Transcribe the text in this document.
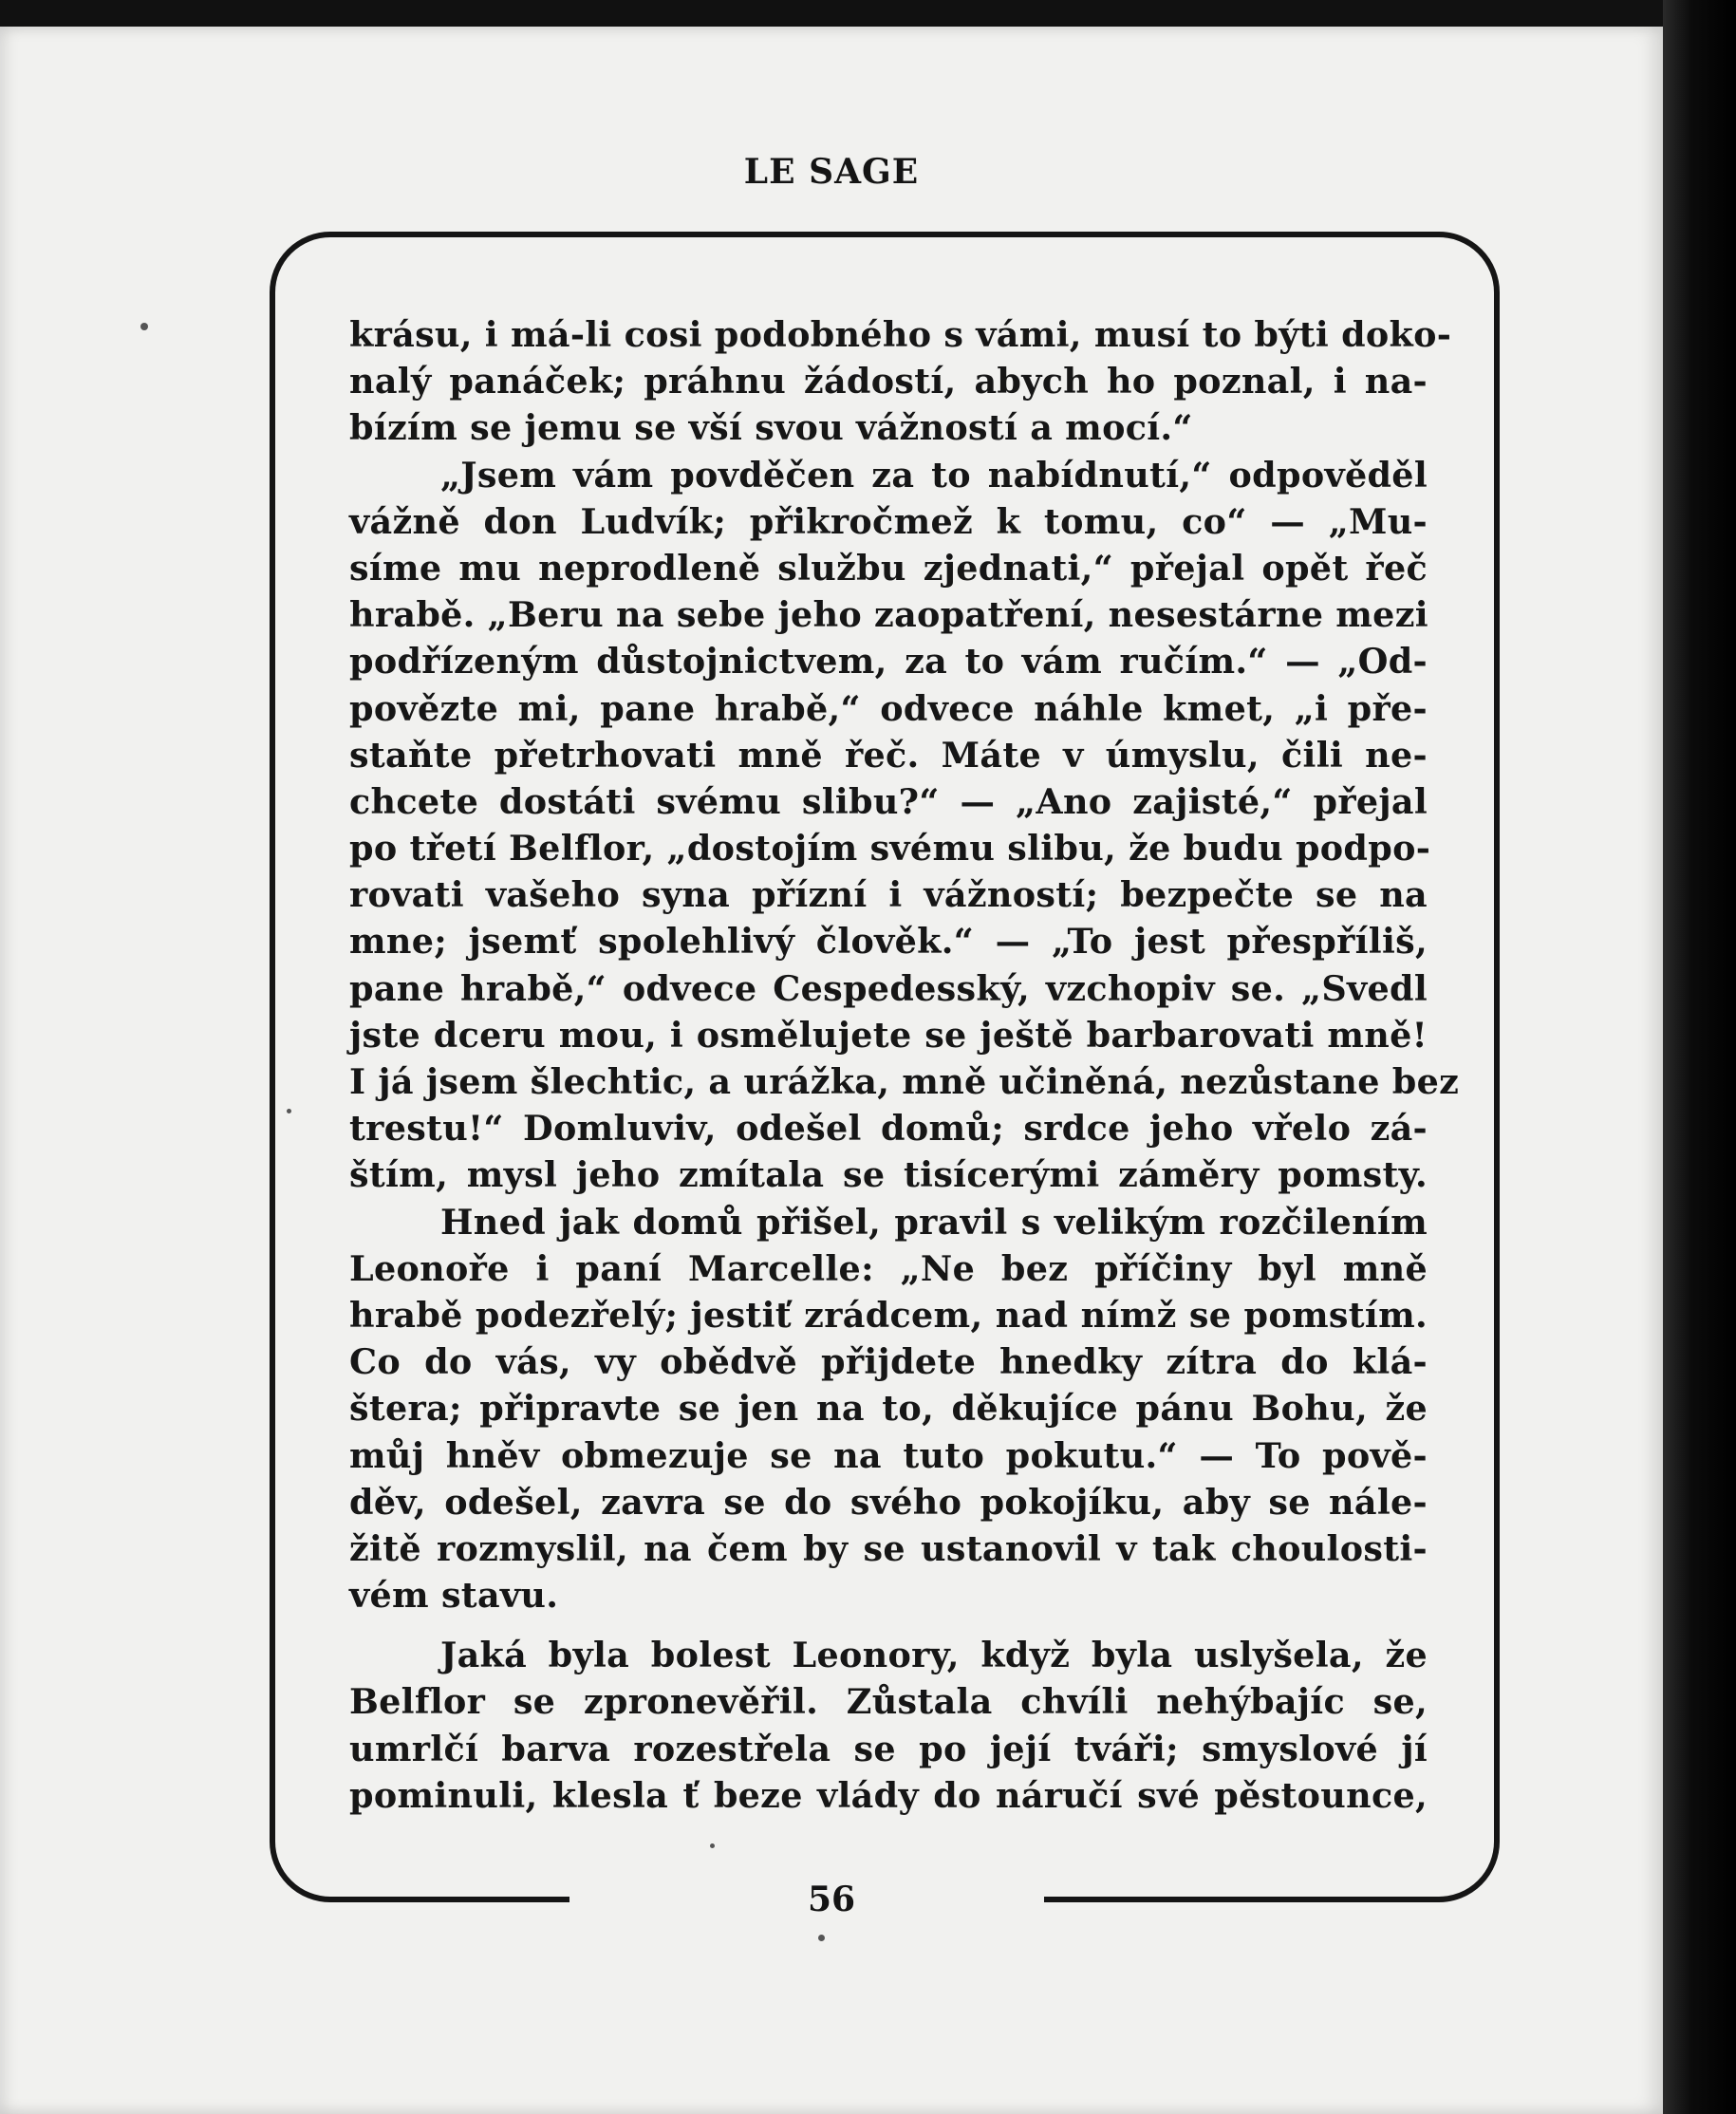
LE SAGE
krásu, i má-li cosi podobného s vámi, musí to býti doko-
nalý panáček; práhnu žádostí, abych ho poznal, i na-
bízím se jemu se vší svou vážností a mocí.“
„Jsem vám povděčen za to nabídnutí,“ odpověděl
vážně don Ludvík; přikročmež k tomu, co“ — „Mu-
síme mu neprodleně službu zjednati,“ přejal opět řeč
hrabě. „Beru na sebe jeho zaopatření, nesestárne mezi
podřízeným důstojnictvem, za to vám ručím.“ — „Od-
povězte mi, pane hrabě,“ odvece náhle kmet, „i pře-
staňte přetrhovati mně řeč. Máte v úmyslu, čili ne-
chcete dostáti svému slibu?“ — „Ano zajisté,“ přejal
po třetí Belflor, „dostojím svému slibu, že budu podpo-
rovati vašeho syna přízní i vážností; bezpečte se na
mne; jsemť spolehlivý člověk.“ — „To jest přespříliš,
pane hrabě,“ odvece Cespedesský, vzchopiv se. „Svedl
jste dceru mou, i osmělujete se ještě barbarovati mně!
I já jsem šlechtic, a urážka, mně učiněná, nezůstane bez
trestu!“ Domluviv, odešel domů; srdce jeho vřelo zá-
štím, mysl jeho zmítala se tisícerými záměry pomsty.
Hned jak domů přišel, pravil s velikým rozčilením
Leonoře i paní Marcelle: „Ne bez příčiny byl mně
hrabě podezřelý; jestiť zrádcem, nad nímž se pomstím.
Co do vás, vy obědvě přijdete hnedky zítra do klá-
štera; připravte se jen na to, děkujíce pánu Bohu, že
můj hněv obmezuje se na tuto pokutu.“ — To pově-
děv, odešel, zavra se do svého pokojíku, aby se nále-
žitě rozmyslil, na čem by se ustanovil v tak choulosti-
vém stavu.
Jaká byla bolest Leonory, když byla uslyšela, že
Belflor se zpronevěřil. Zůstala chvíli nehýbajíc se,
umrlčí barva rozestřela se po její tváři; smyslové jí
pominuli, klesla ť beze vlády do náručí své pěstounce,
56
